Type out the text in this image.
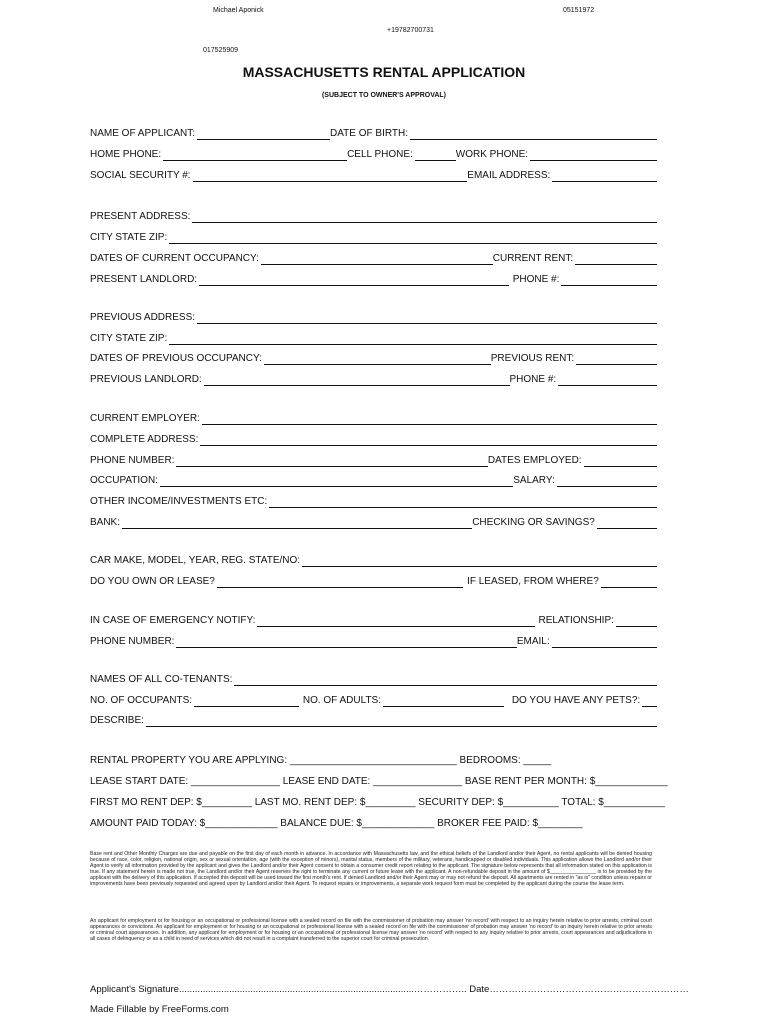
Michael Aponick	05151972
+19782700731
017525909
MASSACHUSETTS RENTAL APPLICATION
(SUBJECT TO OWNER'S APPROVAL)
NAME OF APPLICANT:	DATE OF BIRTH:
HOME PHONE:	CELL PHONE:	WORK PHONE:
SOCIAL SECURITY #:	EMAIL ADDRESS:
PRESENT ADDRESS:
CITY STATE ZIP:
DATES OF CURRENT OCCUPANCY:	CURRENT RENT:
PRESENT LANDLORD:	PHONE #:
PREVIOUS ADDRESS:
CITY STATE ZIP:
DATES OF PREVIOUS OCCUPANCY:	PREVIOUS RENT:
PREVIOUS LANDLORD:	PHONE #:
CURRENT EMPLOYER:
COMPLETE ADDRESS:
PHONE NUMBER:	DATES EMPLOYED:
OCCUPATION:	SALARY:
OTHER INCOME/INVESTMENTS ETC:
BANK:	CHECKING OR SAVINGS?
CAR MAKE, MODEL, YEAR, REG. STATE/NO:
DO YOU OWN OR LEASE?	IF LEASED, FROM WHERE?
IN CASE OF EMERGENCY NOTIFY:	RELATIONSHIP:
PHONE NUMBER:	EMAIL:
NAMES OF ALL CO-TENANTS:
NO. OF OCCUPANTS:	NO. OF ADULTS:	DO YOU HAVE ANY PETS?:
DESCRIBE:
RENTAL PROPERTY YOU ARE APPLYING: ______________________________ BEDROOMS: _____
LEASE START DATE: ________________ LEASE END DATE: ________________ BASE RENT PER MONTH: $_____________
FIRST MO RENT DEP: $_________ LAST MO. RENT DEP: $_________ SECURITY DEP: $__________ TOTAL: $___________
AMOUNT PAID TODAY: $_____________ BALANCE DUE: $_____________ BROKER FEE PAID: $________
Base rent and Other Monthly Charges are due and payable on the first day of each month in advance. In accordance with Massachusetts law, and the ethical beliefs of the Landlord and/or their Agent, no rental applicants will be denied housing because of race, color, religion, national origin, sex or sexual orientation, age (with the exception of minors), marital status, members of the military, veterans, handicapped or disabled individuals. This application allows the Landlord and/or their Agent to verify all information provided by the applicant and gives the Landlord and/or their Agent consent to obtain a consumer credit report relating to the applicant. The signature below represents that all information stated on this application is true. If any statement herein is made not true, the Landlord and/or their Agent reserves the right to terminate any current or future lease with the applicant. A non-refundable deposit in the amount of $________________ is to be provided by the applicant with the delivery of this application. If accepted this deposit will be used toward the first month's rent. If denied Landlord and/or their Agent may or may not refund the deposit. All apartments are rented in "as is" condition unless repairs or improvements have been previously requested and agreed upon by Landlord and/or their Agent. To request repairs or improvements, a separate work request form must be completed by the applicant during the course the lease term.
An applicant for employment or for housing or an occupational or professional license with a sealed record on file with the commissioner of probation may answer 'no record' with respect to an inquiry herein relative to prior arrests, criminal court appearances or convictions. An applicant for employment or for housing or an occupational or professional license with a sealed record on file with the commissioner of probation may answer 'no record' to an inquiry herein relative to prior arrests or criminal court appearances. In addition, any applicant for employment or for housing or an occupational or professional license may answer 'no record' with respect to any inquiry relative to prior arrests, court appearances and adjudications in all cases of delinquency or as a child in need of services which did not result in a complaint transferred to the superior court for criminal prosecution.
Applicant's Signature.........................................................................................…………….. Date………………………………………………………
Made Fillable by FreeForms.com
